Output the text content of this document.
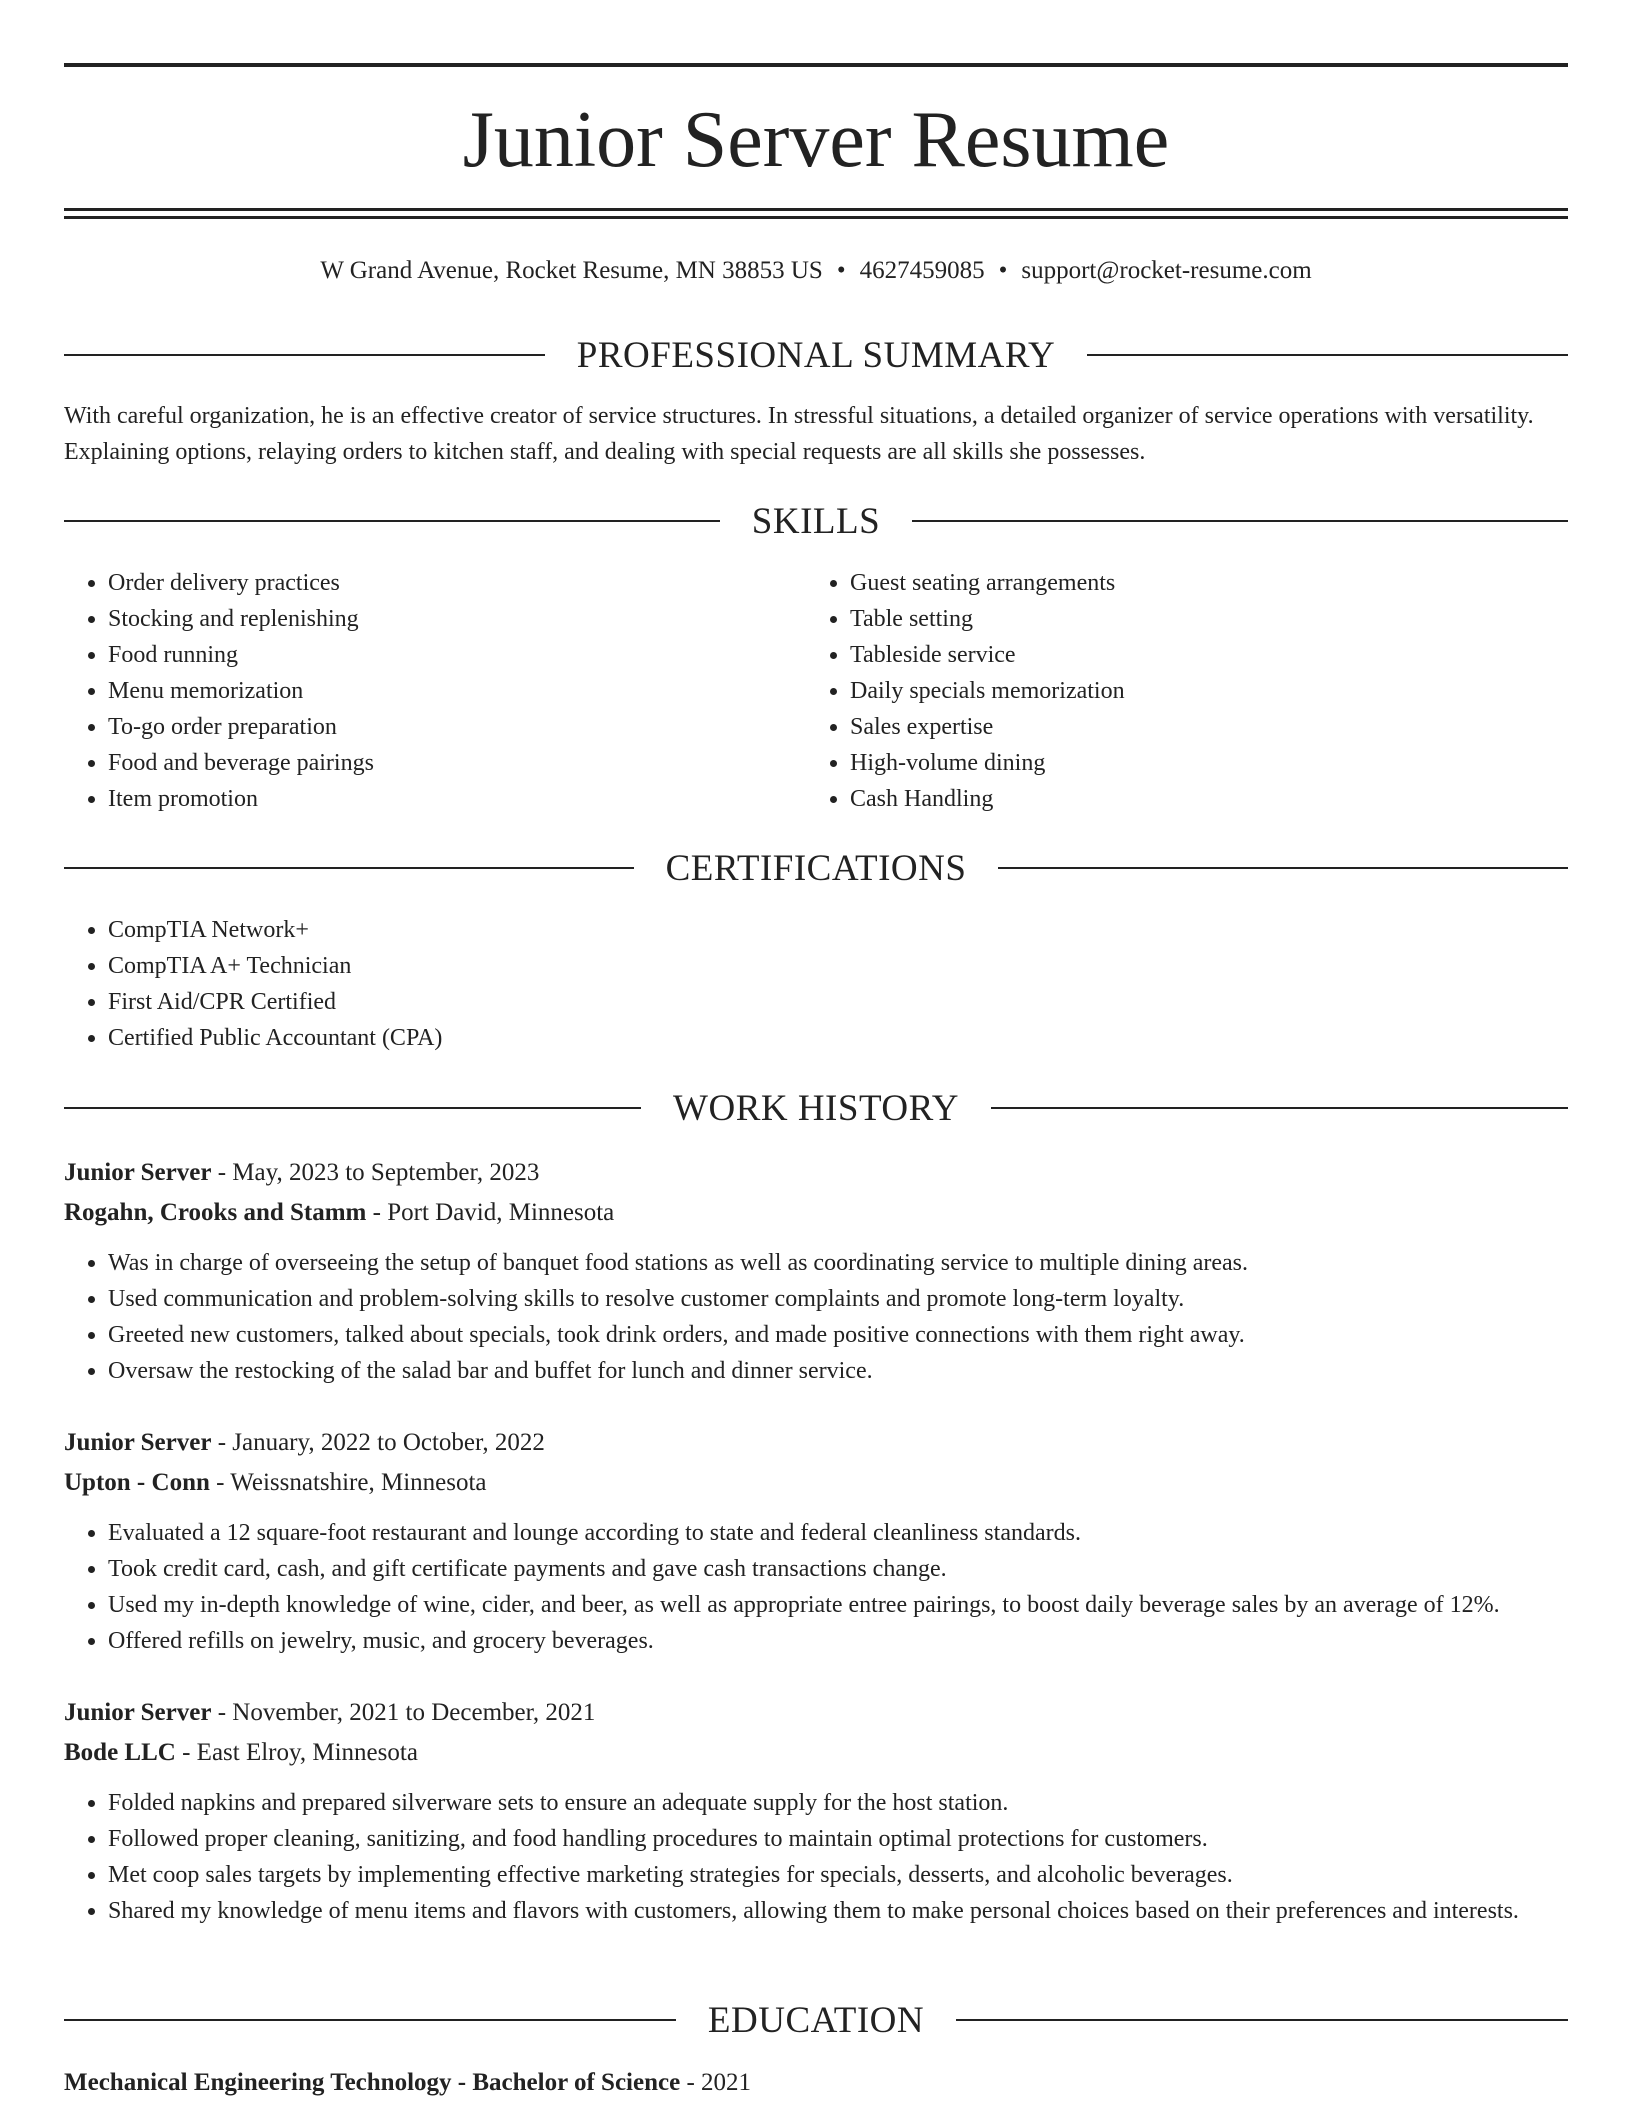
Junior Server Resume
W Grand Avenue, Rocket Resume, MN 38853 US • 4627459085 • support@rocket-resume.com
PROFESSIONAL SUMMARY

With careful organization, he is an effective creator of service structures. In stressful situations, a detailed organizer of service operations with versatility. Explaining options, relaying orders to kitchen staff, and dealing with special requests are all skills she possesses.

SKILLS
• Order delivery practices
• Stocking and replenishing
• Food running
• Menu memorization
• To-go order preparation
• Food and beverage pairings
• Item promotion
• Guest seating arrangements
• Table setting
• Tableside service
• Daily specials memorization
• Sales expertise
• High-volume dining
• Cash Handling
CERTIFICATIONS
• CompTIA Network+
• CompTIA A+ Technician
• First Aid/CPR Certified
• Certified Public Accountant (CPA)
WORK HISTORY
Junior Server - May, 2023 to September, 2023
Rogahn, Crooks and Stamm - Port David, Minnesota
• Was in charge of overseeing the setup of banquet food stations as well as coordinating service to multiple dining areas.
• Used communication and problem-solving skills to resolve customer complaints and promote long-term loyalty.
• Greeted new customers, talked about specials, took drink orders, and made positive connections with them right away.
• Oversaw the restocking of the salad bar and buffet for lunch and dinner service.
Junior Server - January, 2022 to October, 2022
Upton - Conn - Weissnatshire, Minnesota
• Evaluated a 12 square-foot restaurant and lounge according to state and federal cleanliness standards.
• Took credit card, cash, and gift certificate payments and gave cash transactions change.
• Used my in-depth knowledge of wine, cider, and beer, as well as appropriate entree pairings, to boost daily beverage sales by an average of 12%.
• Offered refills on jewelry, music, and grocery beverages.
Junior Server - November, 2021 to December, 2021
Bode LLC - East Elroy, Minnesota
• Folded napkins and prepared silverware sets to ensure an adequate supply for the host station.
• Followed proper cleaning, sanitizing, and food handling procedures to maintain optimal protections for customers.
• Met coop sales targets by implementing effective marketing strategies for specials, desserts, and alcoholic beverages.
• Shared my knowledge of menu items and flavors with customers, allowing them to make personal choices based on their preferences and interests.
EDUCATION
Mechanical Engineering Technology - Bachelor of Science - 2021
